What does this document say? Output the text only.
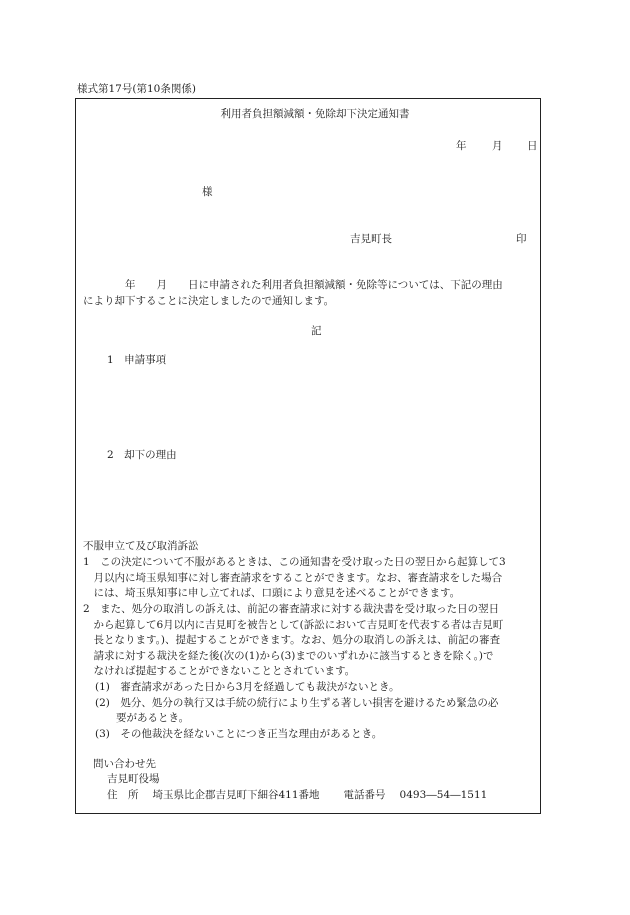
様式第17号(第10条関係)
利用者負担額減額・免除却下決定通知書
年 月 日
様
吉見町長	印
　　　　年　　月　　日に申請された利用者負担額減額・免除等については、下記の理由
により却下することに決定しましたので通知します。
記
1　申請事項
2　却下の理由
不服申立て及び取消訴訟
1　この決定について不服があるときは、この通知書を受け取った日の翌日から起算して3
　月以内に埼玉県知事に対し審査請求をすることができます。なお、審査請求をした場合
　には、埼玉県知事に申し立てれば、口頭により意見を述べることができます。
2　また、処分の取消しの訴えは、前記の審査請求に対する裁決書を受け取った日の翌日
　から起算して6月以内に吉見町を被告として(訴訟において吉見町を代表する者は吉見町
　長となります。)、提起することができます。なお、処分の取消しの訴えは、前記の審査
　請求に対する裁決を経た後(次の(1)から(3)までのいずれかに該当するときを除く。)で
　なければ提起することができないこととされています。
(1)　審査請求があった日から3月を経過しても裁決がないとき。
(2)　処分、処分の執行又は手続の続行により生ずる著しい損害を避けるため緊急の必
　　要があるとき。
(3)　その他裁決を経ないことにつき正当な理由があるとき。
問い合わせ先
吉見町役場
住　所 埼玉県比企郡吉見町下細谷411番地 電話番号 0493―54―1511
